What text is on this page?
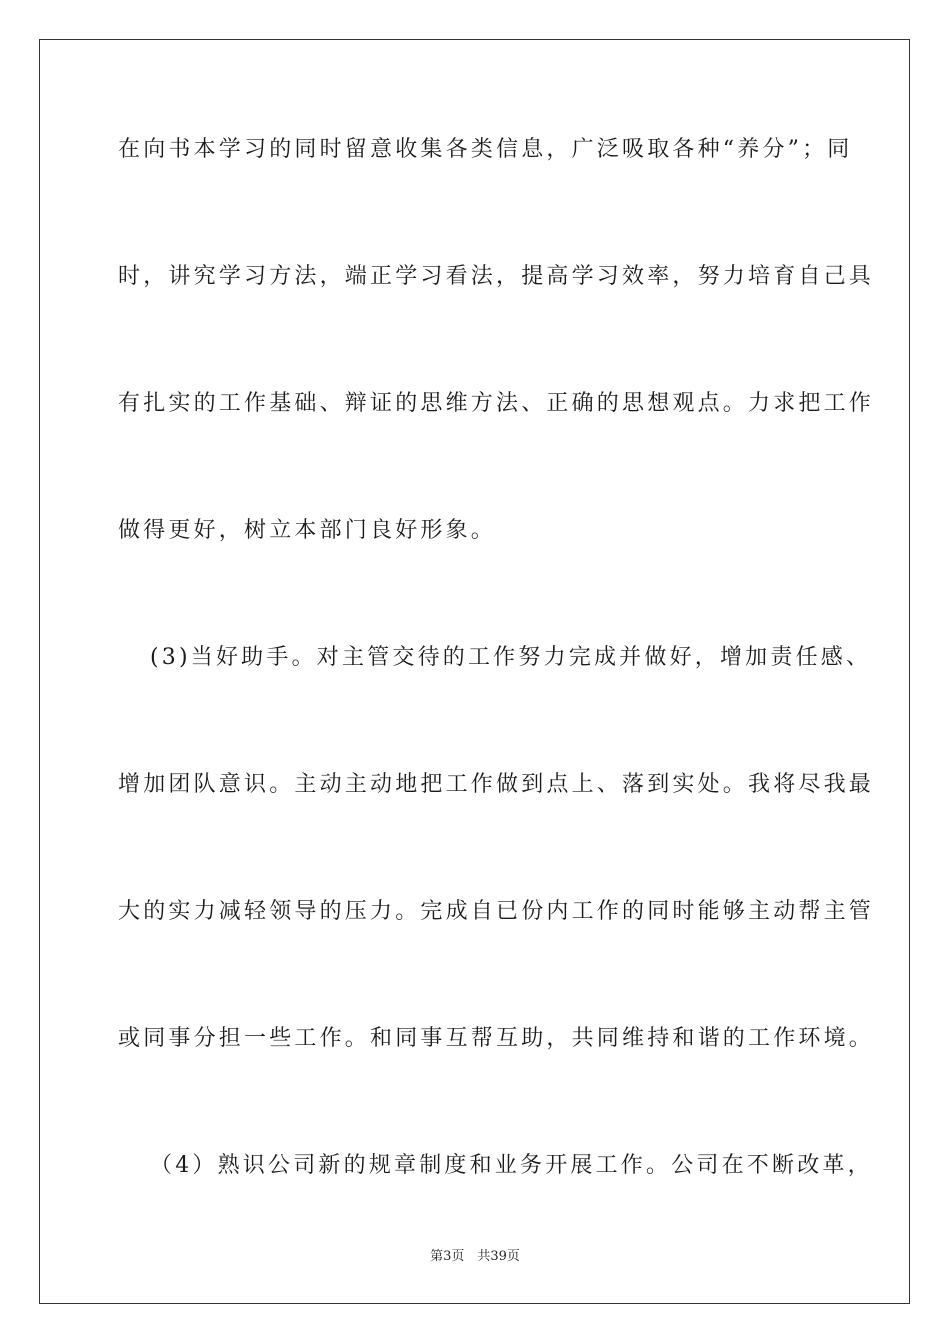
在向书本学习的同时留意收集各类信息，广泛吸取各种“养分”；同
时，讲究学习方法，端正学习看法，提高学习效率，努力培育自己具
有扎实的工作基础、辩证的思维方法、正确的思想观点。力求把工作
做得更好，树立本部门良好形象。
(3)当好助手。对主管交待的工作努力完成并做好，增加责任感、
增加团队意识。主动主动地把工作做到点上、落到实处。我将尽我最
大的实力减轻领导的压力。完成自已份内工作的同时能够主动帮主管
或同事分担一些工作。和同事互帮互助，共同维持和谐的工作环境。
（4）熟识公司新的规章制度和业务开展工作。公司在不断改革，
第3页　共39页
